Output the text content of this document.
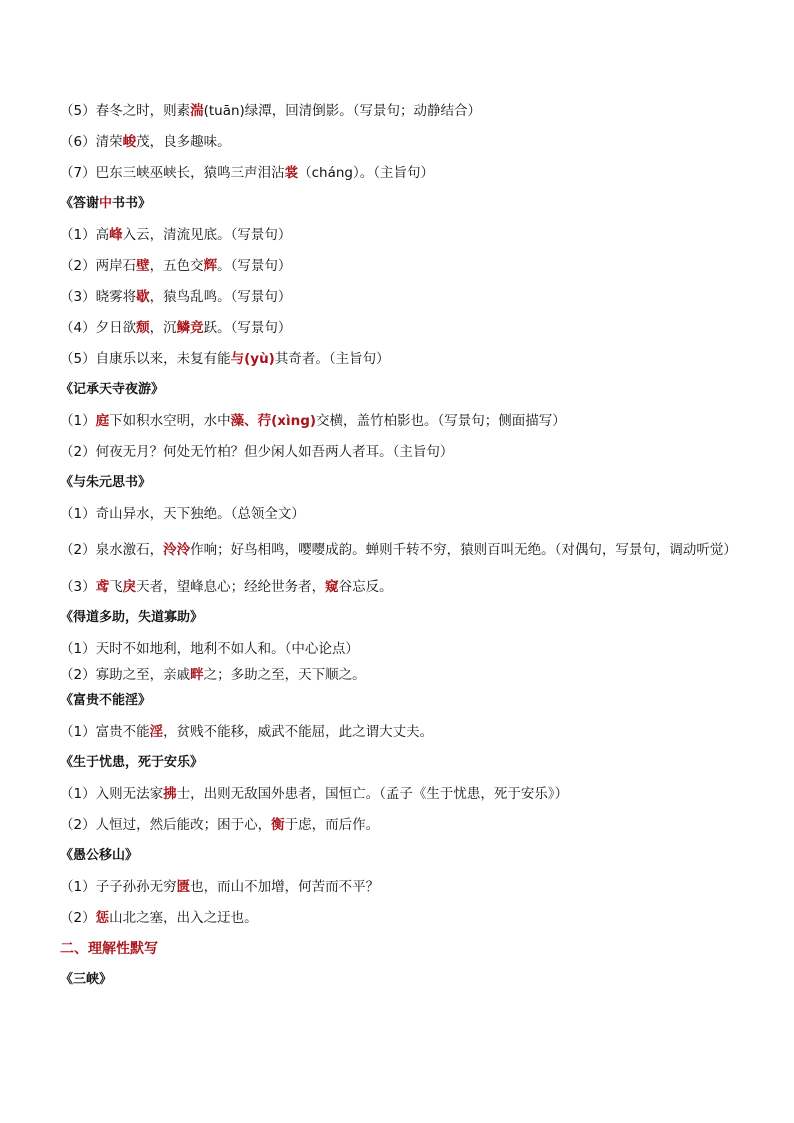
（5）春冬之时，则素湍(tuān)绿潭，回清倒影。（写景句；动静结合）

（6）清荣峻茂，良多趣味。

（7）巴东三峡巫峡长，猿鸣三声泪沾裳（cháng）。（主旨句）

《答谢中书书》

（1）高峰入云，清流见底。（写景句）

（2）两岸石壁，五色交辉。（写景句）

（3）晓雾将歇，猿鸟乱鸣。（写景句）

（4）夕日欲颓，沉鳞竞跃。（写景句）

（5）自康乐以来，未复有能与(yù)其奇者。（主旨句）

《记承天寺夜游》

（1）庭下如积水空明，水中藻、荇(xìng)交横，盖竹柏影也。（写景句；侧面描写）

（2）何夜无月？何处无竹柏？但少闲人如吾两人者耳。（主旨句）

《与朱元思书》

（1）奇山异水，天下独绝。（总领全文）

（2）泉水激石，泠泠作响；好鸟相鸣，嘤嘤成韵。蝉则千转不穷，猿则百叫无绝。（对偶句，写景句，调动听觉）

（3）鸢飞戾天者，望峰息心；经纶世务者，窥谷忘反。

《得道多助，失道寡助》

（1）天时不如地利，地利不如人和。（中心论点）

（2）寡助之至，亲戚畔之；多助之至，天下顺之。

《富贵不能淫》

（1）富贵不能淫，贫贱不能移，威武不能屈，此之谓大丈夫。

《生于忧患，死于安乐》

（1）入则无法家拂士，出则无敌国外患者，国恒亡。（孟子《生于忧患，死于安乐》）

（2）人恒过，然后能改；困于心，衡于虑，而后作。

《愚公移山》

（1）子子孙孙无穷匮也，而山不加增，何苦而不平？

（2）惩山北之塞，出入之迂也。

二、理解性默写

《三峡》
